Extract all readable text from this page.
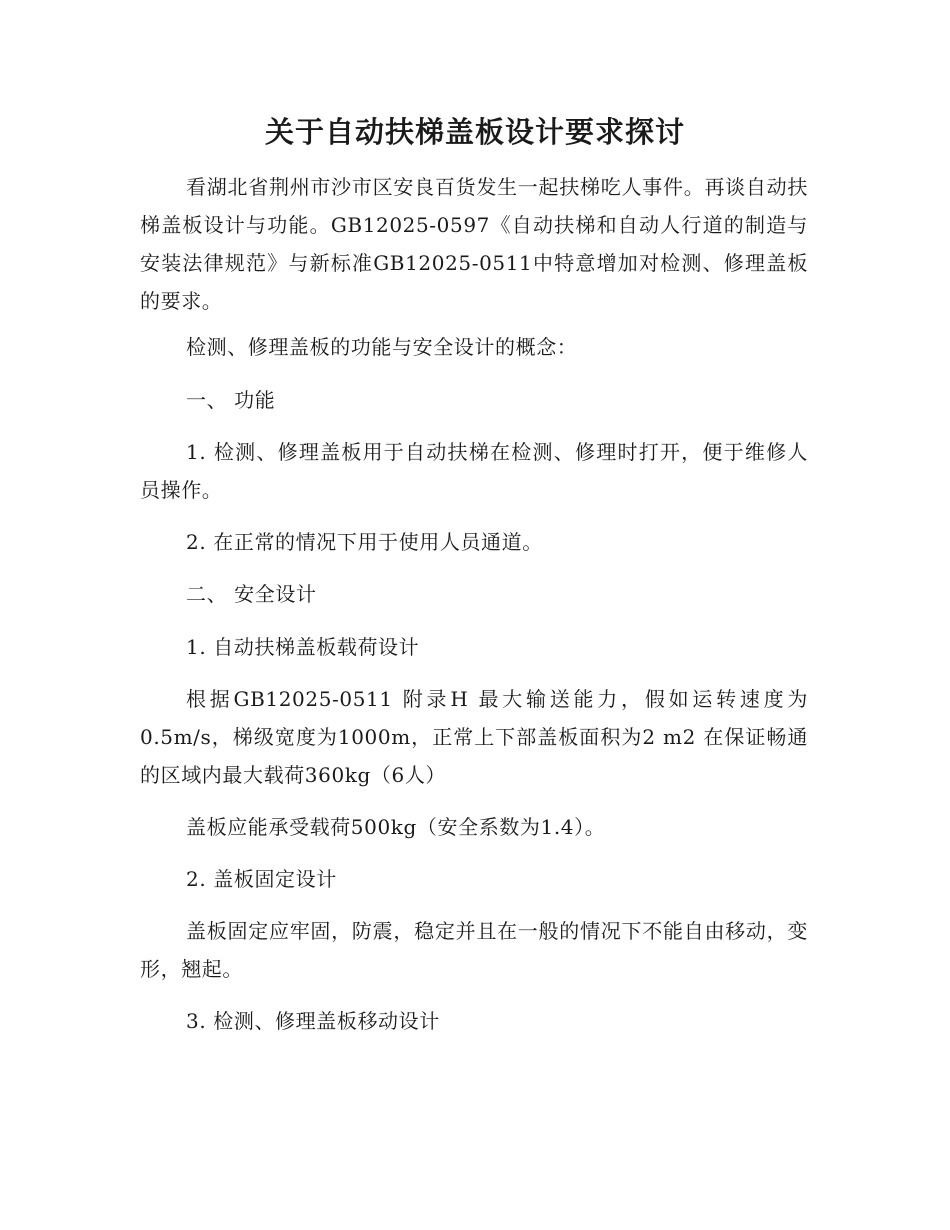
关于自动扶梯盖板设计要求探讨

看湖北省荆州市沙市区安良百货发生一起扶梯吃人事件。再谈自动扶梯盖板设计与功能。GB12025-0597《自动扶梯和自动人行道的制造与安装法律规范》与新标准GB12025-0511中特意增加对检测、修理盖板的要求。

检测、修理盖板的功能与安全设计的概念：

一、 功能

1. 检测、修理盖板用于自动扶梯在检测、修理时打开，便于维修人员操作。

2. 在正常的情况下用于使用人员通道。

二、 安全设计

1. 自动扶梯盖板载荷设计

根据GB12025-0511 附录H 最大输送能力，假如运转速度为0.5m/s，梯级宽度为1000m，正常上下部盖板面积为2 m2 在保证畅通的区域内最大载荷360kg（6人）

盖板应能承受载荷500kg（安全系数为1.4）。

2. 盖板固定设计

盖板固定应牢固，防震，稳定并且在一般的情况下不能自由移动，变形，翘起。

3. 检测、修理盖板移动设计
